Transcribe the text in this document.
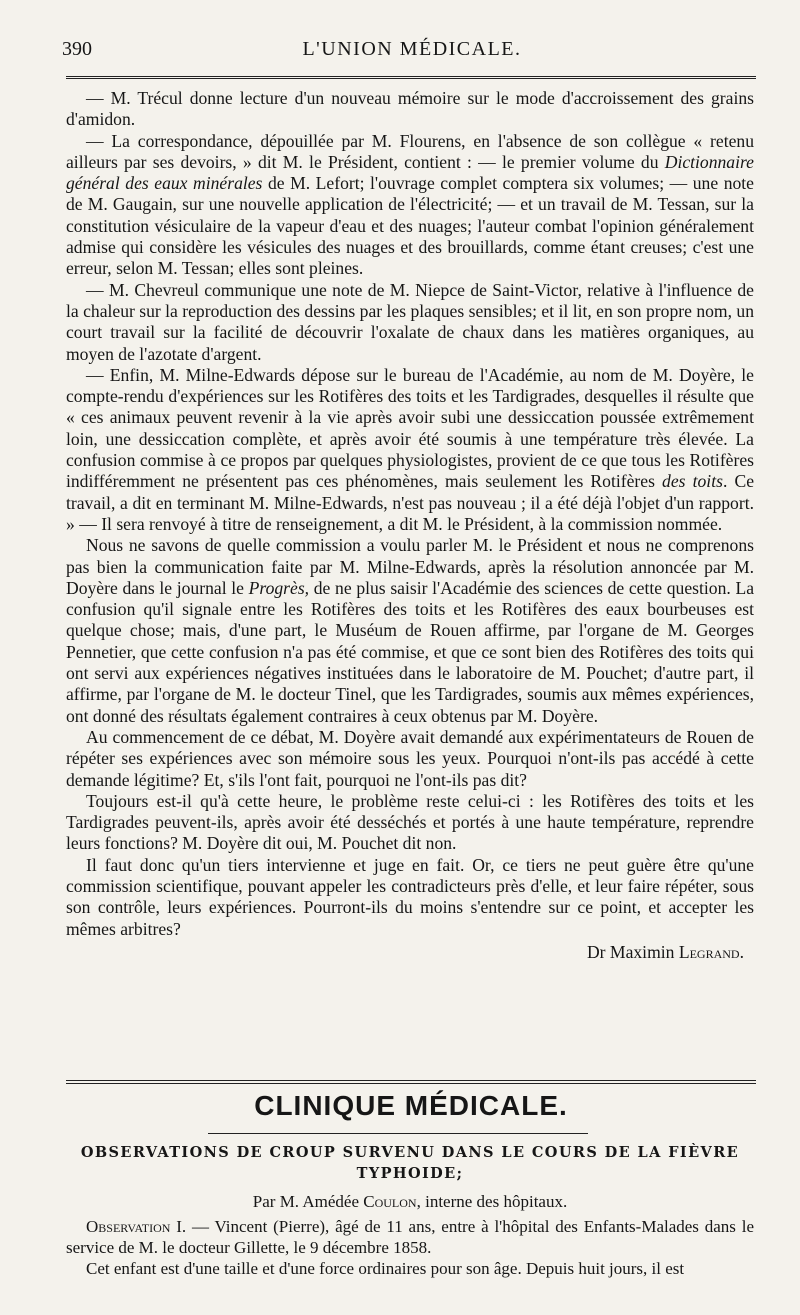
390	L'UNION MÉDICALE.

— M. Trécul donne lecture d'un nouveau mémoire sur le mode d'accroissement des grains d'amidon.

— La correspondance, dépouillée par M. Flourens, en l'absence de son collègue « retenu ailleurs par ses devoirs, » dit M. le Président, contient : — le premier volume du Dictionnaire général des eaux minérales de M. Lefort; l'ouvrage complet comptera six volumes; — une note de M. Gaugain, sur une nouvelle application de l'électricité; — et un travail de M. Tessan, sur la constitution vésiculaire de la vapeur d'eau et des nuages; l'auteur combat l'opinion généralement admise qui considère les vésicules des nuages et des brouillards, comme étant creuses; c'est une erreur, selon M. Tessan; elles sont pleines.

— M. Chevreul communique une note de M. Niepce de Saint-Victor, relative à l'influence de la chaleur sur la reproduction des dessins par les plaques sensibles; et il lit, en son propre nom, un court travail sur la facilité de découvrir l'oxalate de chaux dans les matières organiques, au moyen de l'azotate d'argent.

— Enfin, M. Milne-Edwards dépose sur le bureau de l'Académie, au nom de M. Doyère, le compte-rendu d'expériences sur les Rotifères des toits et les Tardigrades, desquelles il résulte que « ces animaux peuvent revenir à la vie après avoir subi une dessiccation poussée extrêmement loin, une dessiccation complète, et après avoir été soumis à une température très élevée. La confusion commise à ce propos par quelques physiologistes, provient de ce que tous les Rotifères indifféremment ne présentent pas ces phénomènes, mais seulement les Rotifères des toits. Ce travail, a dit en terminant M. Milne-Edwards, n'est pas nouveau ; il a été déjà l'objet d'un rapport. » — Il sera renvoyé à titre de renseignement, a dit M. le Président, à la commission nommée.

Nous ne savons de quelle commission a voulu parler M. le Président et nous ne comprenons pas bien la communication faite par M. Milne-Edwards, après la résolution annoncée par M. Doyère dans le journal le Progrès, de ne plus saisir l'Académie des sciences de cette question. La confusion qu'il signale entre les Rotifères des toits et les Rotifères des eaux bourbeuses est quelque chose; mais, d'une part, le Muséum de Rouen affirme, par l'organe de M. Georges Pennetier, que cette confusion n'a pas été commise, et que ce sont bien des Rotifères des toits qui ont servi aux expériences négatives instituées dans le laboratoire de M. Pouchet; d'autre part, il affirme, par l'organe de M. le docteur Tinel, que les Tardigrades, soumis aux mêmes expériences, ont donné des résultats également contraires à ceux obtenus par M. Doyère.

Au commencement de ce débat, M. Doyère avait demandé aux expérimentateurs de Rouen de répéter ses expériences avec son mémoire sous les yeux. Pourquoi n'ont-ils pas accédé à cette demande légitime? Et, s'ils l'ont fait, pourquoi ne l'ont-ils pas dit?

Toujours est-il qu'à cette heure, le problème reste celui-ci : les Rotifères des toits et les Tardigrades peuvent-ils, après avoir été desséchés et portés à une haute température, reprendre leurs fonctions? M. Doyère dit oui, M. Pouchet dit non.

Il faut donc qu'un tiers intervienne et juge en fait. Or, ce tiers ne peut guère être qu'une commission scientifique, pouvant appeler les contradicteurs près d'elle, et leur faire répéter, sous son contrôle, leurs expériences. Pourront-ils du moins s'entendre sur ce point, et accepter les mêmes arbitres?

Dr Maximin Legrand.
CLINIQUE MÉDICALE.
OBSERVATIONS DE CROUP SURVENU DANS LE COURS DE LA FIÈVRE TYPHOIDE;
Par M. Amédée Coulon, interne des hôpitaux.

Observation I. — Vincent (Pierre), âgé de 11 ans, entre à l'hôpital des Enfants-Malades dans le service de M. le docteur Gillette, le 9 décembre 1858.

Cet enfant est d'une taille et d'une force ordinaires pour son âge. Depuis huit jours, il est
